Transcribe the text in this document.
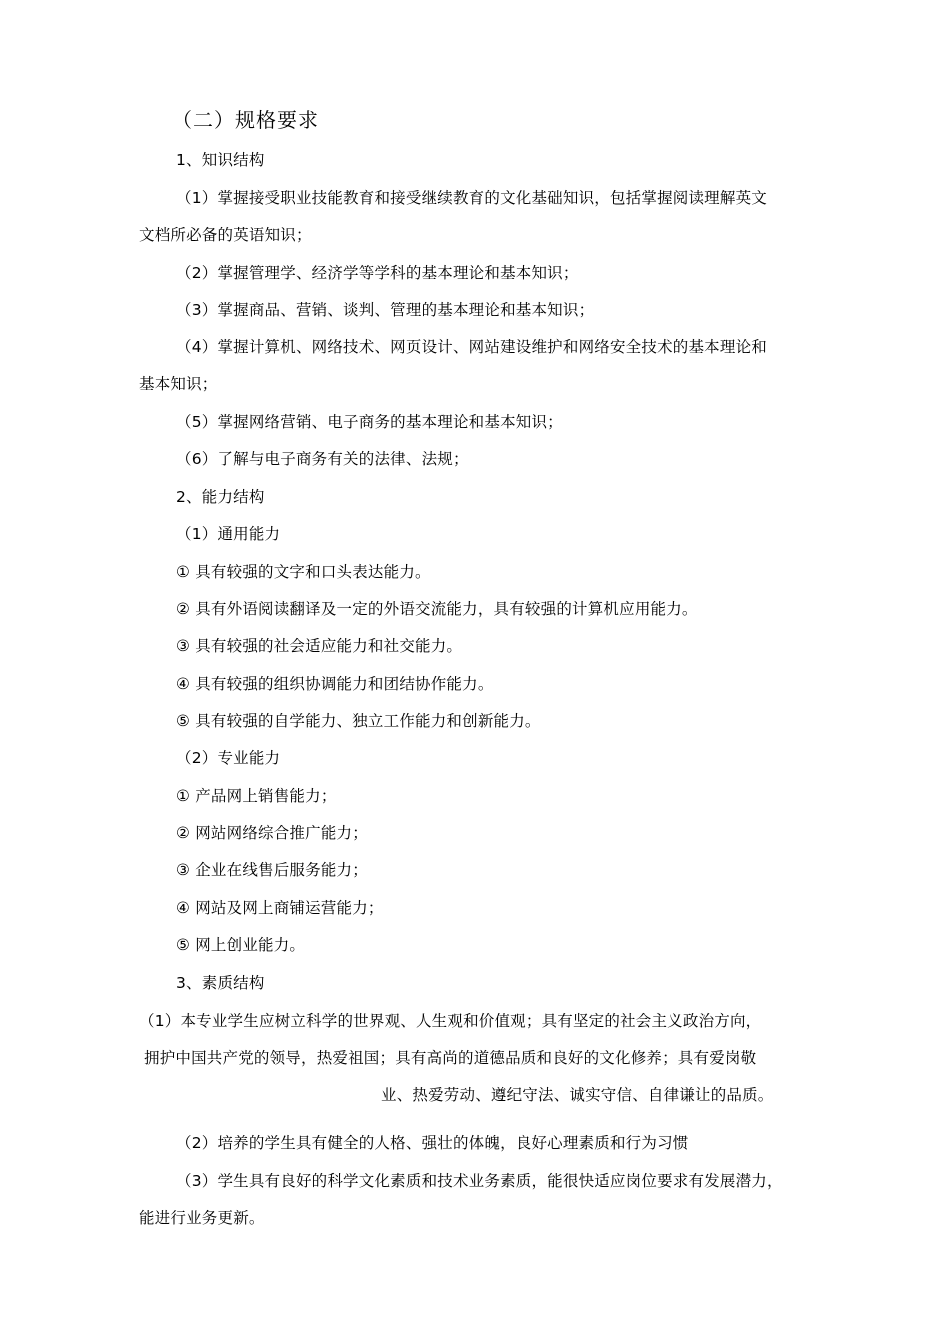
（二）规格要求
1、知识结构
（1）掌握接受职业技能教育和接受继续教育的文化基础知识，包括掌握阅读理解英文
文档所必备的英语知识；
（2）掌握管理学、经济学等学科的基本理论和基本知识；
（3）掌握商品、营销、谈判、管理的基本理论和基本知识；
（4）掌握计算机、网络技术、网页设计、网站建设维护和网络安全技术的基本理论和
基本知识；
（5）掌握网络营销、电子商务的基本理论和基本知识；
（6）了解与电子商务有关的法律、法规；
2、能力结构
（1）通用能力
① 具有较强的文字和口头表达能力。
② 具有外语阅读翻译及一定的外语交流能力，具有较强的计算机应用能力。
③ 具有较强的社会适应能力和社交能力。
④ 具有较强的组织协调能力和团结协作能力。
⑤ 具有较强的自学能力、独立工作能力和创新能力。
（2）专业能力
① 产品网上销售能力；
② 网站网络综合推广能力；
③ 企业在线售后服务能力；
④ 网站及网上商铺运营能力；
⑤ 网上创业能力。
3、素质结构
（1）本专业学生应树立科学的世界观、人生观和价值观；具有坚定的社会主义政治方向，
拥护中国共产党的领导，热爱祖国；具有高尚的道德品质和良好的文化修养；具有爱岗敬
业、热爱劳动、遵纪守法、诚实守信、自律谦让的品质。
（2）培养的学生具有健全的人格、强壮的体魄，良好心理素质和行为习惯
（3）学生具有良好的科学文化素质和技术业务素质，能很快适应岗位要求有发展潜力，
能进行业务更新。
